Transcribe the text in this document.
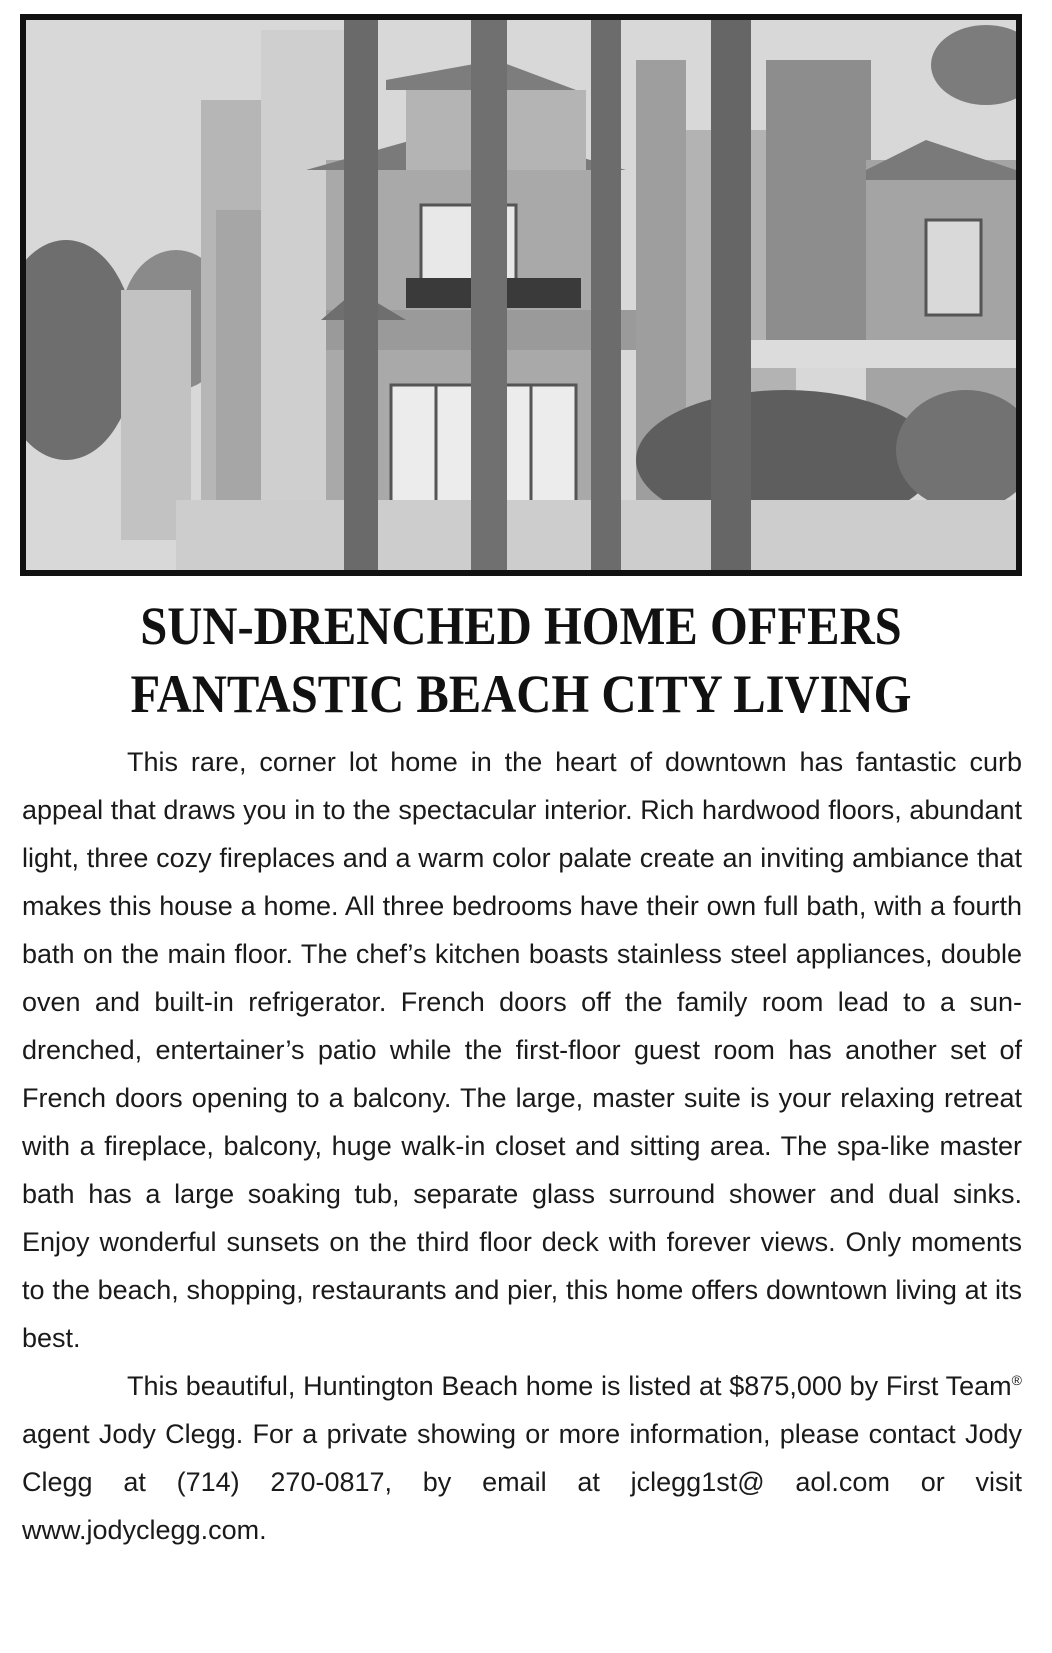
SUN-DRENCHED HOME OFFERS
FANTASTIC BEACH CITY LIVING

This rare, corner lot home in the heart of downtown has fantastic curb appeal that draws you in to the spectacular interior. Rich hardwood floors, abundant light, three cozy fireplaces and a warm color palate create an inviting ambiance that makes this house a home. All three bedrooms have their own full bath, with a fourth bath on the main floor. The chef’s kitchen boasts stainless steel appliances, double oven and built-in refrigerator. French doors off the family room lead to a sun-drenched, entertainer’s patio while the first-floor guest room has another set of French doors opening to a balcony. The large, master suite is your relaxing retreat with a fireplace, balcony, huge walk-in closet and sitting area. The spa-like master bath has a large soaking tub, separate glass surround shower and dual sinks. Enjoy wonderful sunsets on the third floor deck with forever views. Only moments to the beach, shopping, restaurants and pier, this home offers downtown living at its best.

This beautiful, Huntington Beach home is listed at $875,000 by First Team® agent Jody Clegg. For a private showing or more information, please contact Jody Clegg at (714) 270-0817, by email at jclegg1st@ aol.com or visit www.jodyclegg.com.
